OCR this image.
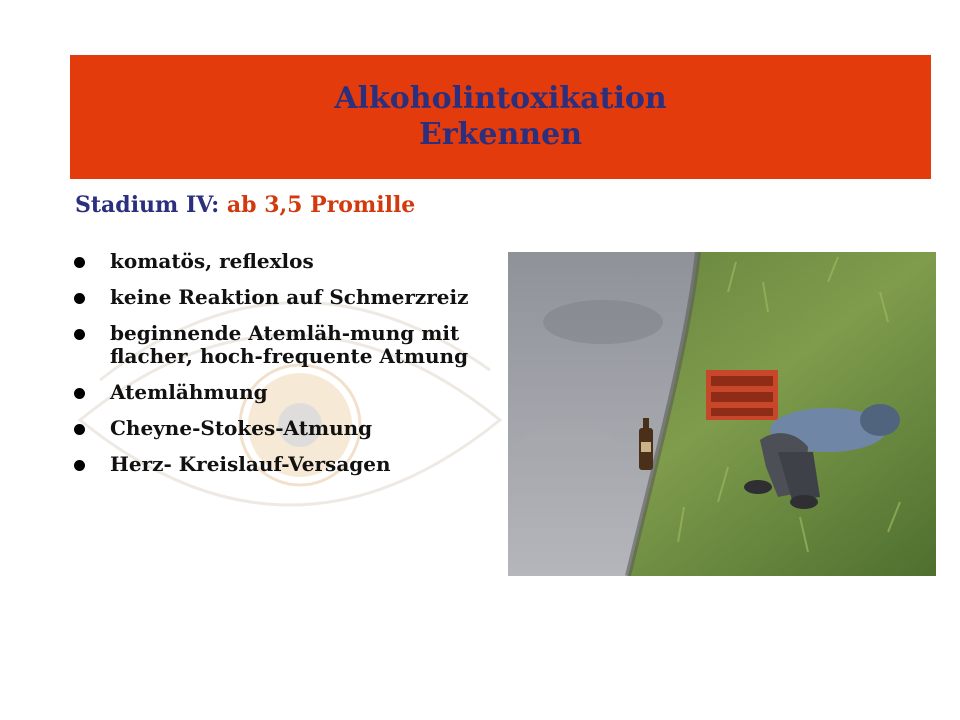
Alkoholintoxikation
Erkennen
Stadium IV: ab 3,5 Promille
komatös, reflexlos
keine Reaktion auf Schmerzreiz
beginnende Atemläh-mung mit flacher, hoch-frequente Atmung
Atemlähmung
Cheyne-Stokes-Atmung
Herz- Kreislauf-Versagen
